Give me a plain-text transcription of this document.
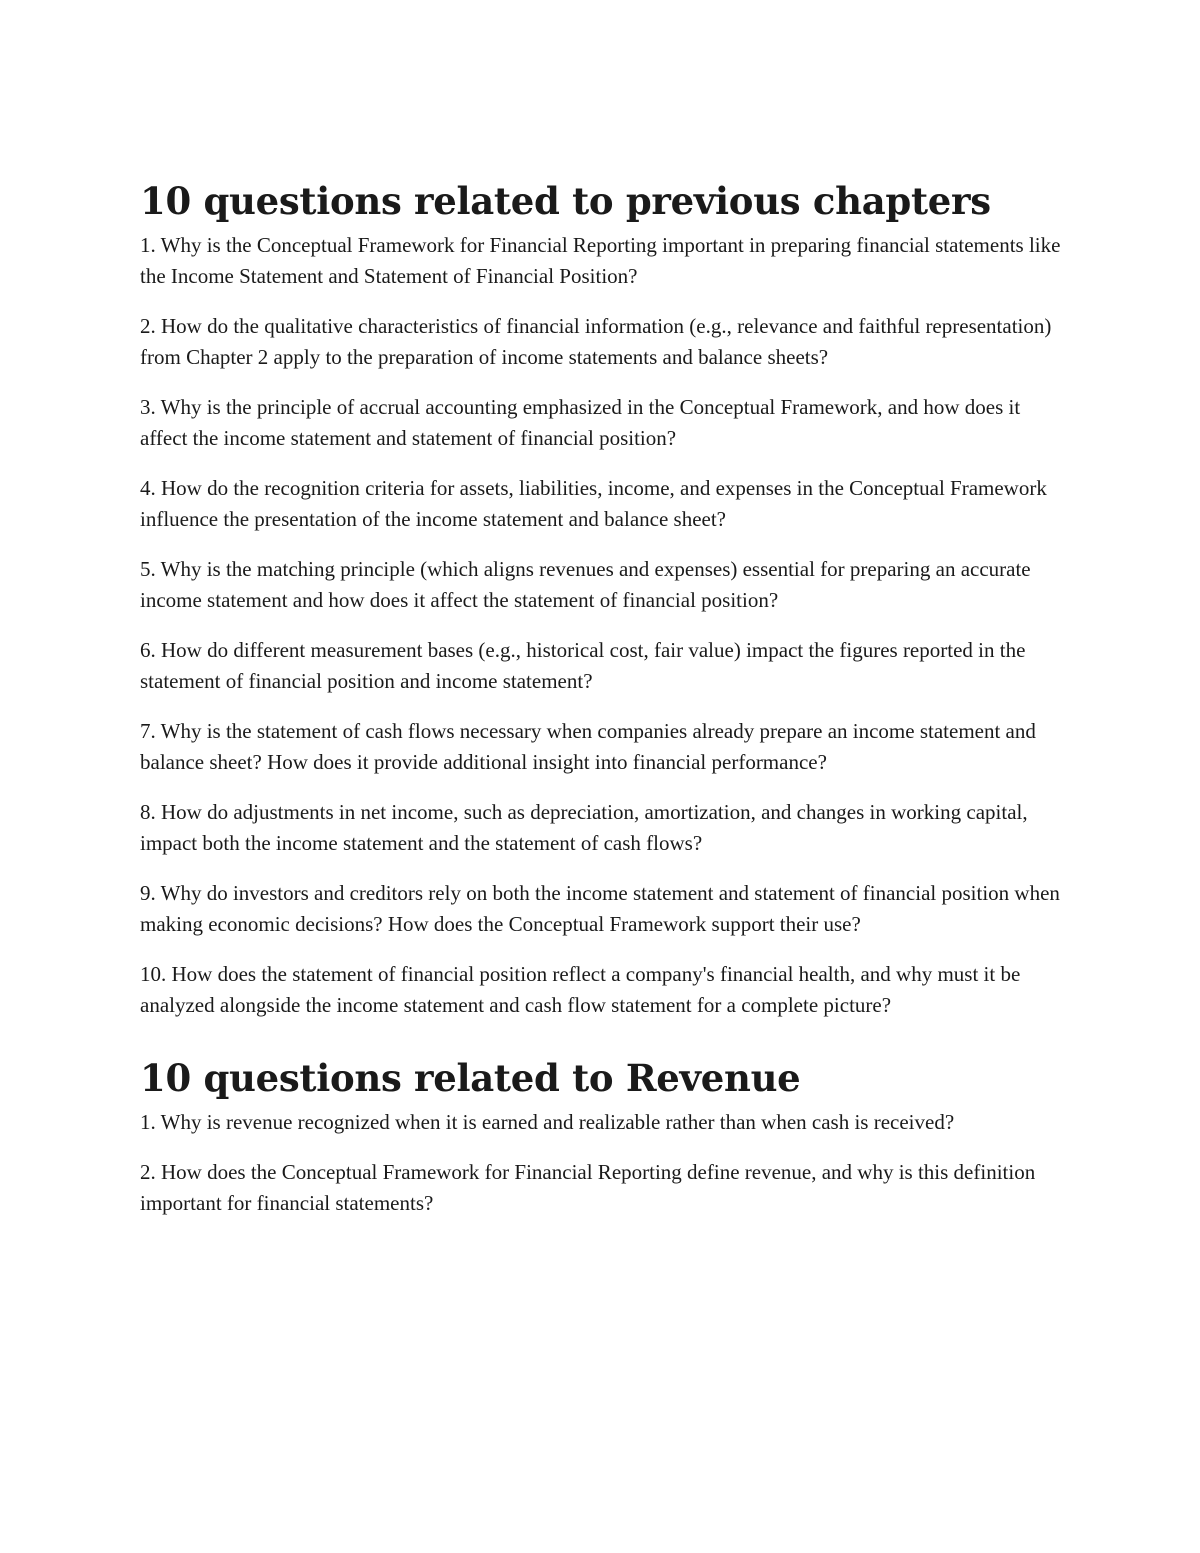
10 questions related to previous chapters

1. Why is the Conceptual Framework for Financial Reporting important in preparing financial statements like the Income Statement and Statement of Financial Position?

2. How do the qualitative characteristics of financial information (e.g., relevance and faithful representation) from Chapter 2 apply to the preparation of income statements and balance sheets?

3. Why is the principle of accrual accounting emphasized in the Conceptual Framework, and how does it affect the income statement and statement of financial position?

4. How do the recognition criteria for assets, liabilities, income, and expenses in the Conceptual Framework influence the presentation of the income statement and balance sheet?

5. Why is the matching principle (which aligns revenues and expenses) essential for preparing an accurate income statement and how does it affect the statement of financial position?

6. How do different measurement bases (e.g., historical cost, fair value) impact the figures reported in the statement of financial position and income statement?

7. Why is the statement of cash flows necessary when companies already prepare an income statement and balance sheet? How does it provide additional insight into financial performance?

8. How do adjustments in net income, such as depreciation, amortization, and changes in working capital, impact both the income statement and the statement of cash flows?

9. Why do investors and creditors rely on both the income statement and statement of financial position when making economic decisions? How does the Conceptual Framework support their use?

10. How does the statement of financial position reflect a company's financial health, and why must it be analyzed alongside the income statement and cash flow statement for a complete picture?

10 questions related to Revenue

1. Why is revenue recognized when it is earned and realizable rather than when cash is received?

2. How does the Conceptual Framework for Financial Reporting define revenue, and why is this definition important for financial statements?
